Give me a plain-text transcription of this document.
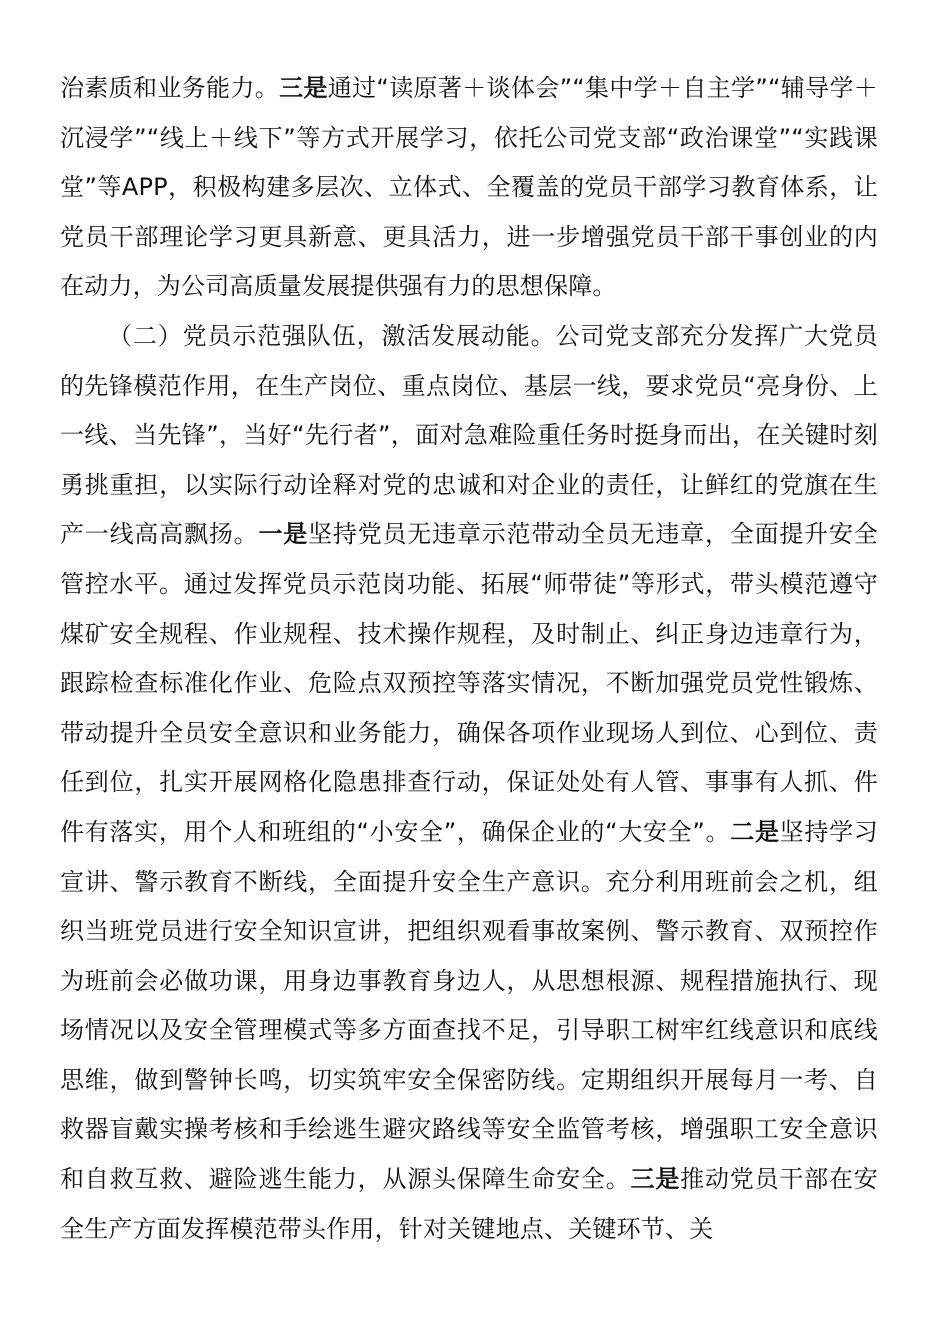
治素质和业务能力。三是通过“读原著＋谈体会”“集中学＋自主学”“辅导学＋沉浸学”“线上＋线下”等方式开展学习，依托公司党支部“政治课堂”“实践课堂”等APP，积极构建多层次、立体式、全覆盖的党员干部学习教育体系，让党员干部理论学习更具新意、更具活力，进一步增强党员干部干事创业的内在动力，为公司高质量发展提供强有力的思想保障。

（二）党员示范强队伍，激活发展动能。公司党支部充分发挥广大党员的先锋模范作用，在生产岗位、重点岗位、基层一线，要求党员“亮身份、上一线、当先锋”，当好“先行者”，面对急难险重任务时挺身而出，在关键时刻勇挑重担，以实际行动诠释对党的忠诚和对企业的责任，让鲜红的党旗在生产一线高高飘扬。一是坚持党员无违章示范带动全员无违章，全面提升安全管控水平。通过发挥党员示范岗功能、拓展“师带徒”等形式，带头模范遵守煤矿安全规程、作业规程、技术操作规程，及时制止、纠正身边违章行为，跟踪检查标准化作业、危险点双预控等落实情况，不断加强党员党性锻炼、带动提升全员安全意识和业务能力，确保各项作业现场人到位、心到位、责任到位，扎实开展网格化隐患排查行动，保证处处有人管、事事有人抓、件件有落实，用个人和班组的“小安全”，确保企业的“大安全”。二是坚持学习宣讲、警示教育不断线，全面提升安全生产意识。充分利用班前会之机，组织当班党员进行安全知识宣讲，把组织观看事故案例、警示教育、双预控作为班前会必做功课，用身边事教育身边人，从思想根源、规程措施执行、现场情况以及安全管理模式等多方面查找不足，引导职工树牢红线意识和底线思维，做到警钟长鸣，切实筑牢安全保密防线。定期组织开展每月一考、自救器盲戴实操考核和手绘逃生避灾路线等安全监管考核，增强职工安全意识和自救互救、避险逃生能力，从源头保障生命安全。三是推动党员干部在安全生产方面发挥模范带头作用，针对关键地点、关键环节、关
